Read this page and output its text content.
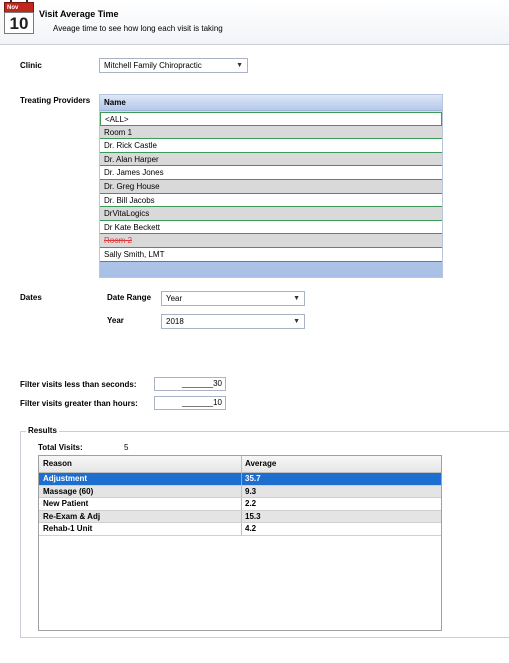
Nov
10	Visit Average Time
Aveage time to see how long each visit is taking
Clinic	Mitchell Family Chiropractic	▼
Treating Providers	Name
<ALL>
Room 1
Dr. Rick Castle
Dr. Alan Harper
Dr. James Jones
Dr. Greg House
Dr. Bill Jacobs
DrVitaLogics
Dr Kate Beckett
Room 2
Sally Smith, LMT
Dates	Date Range	Year	▼
Year	2018	▼
Filter visits less than seconds:	_______30
Filter visits greater than hours:	_______10
Results
Total Visits:	5
Reason	Average
Adjustment	35.7
Massage (60)	9.3
New Patient	2.2
Re-Exam & Adj	15.3
Rehab-1 Unit	4.2
